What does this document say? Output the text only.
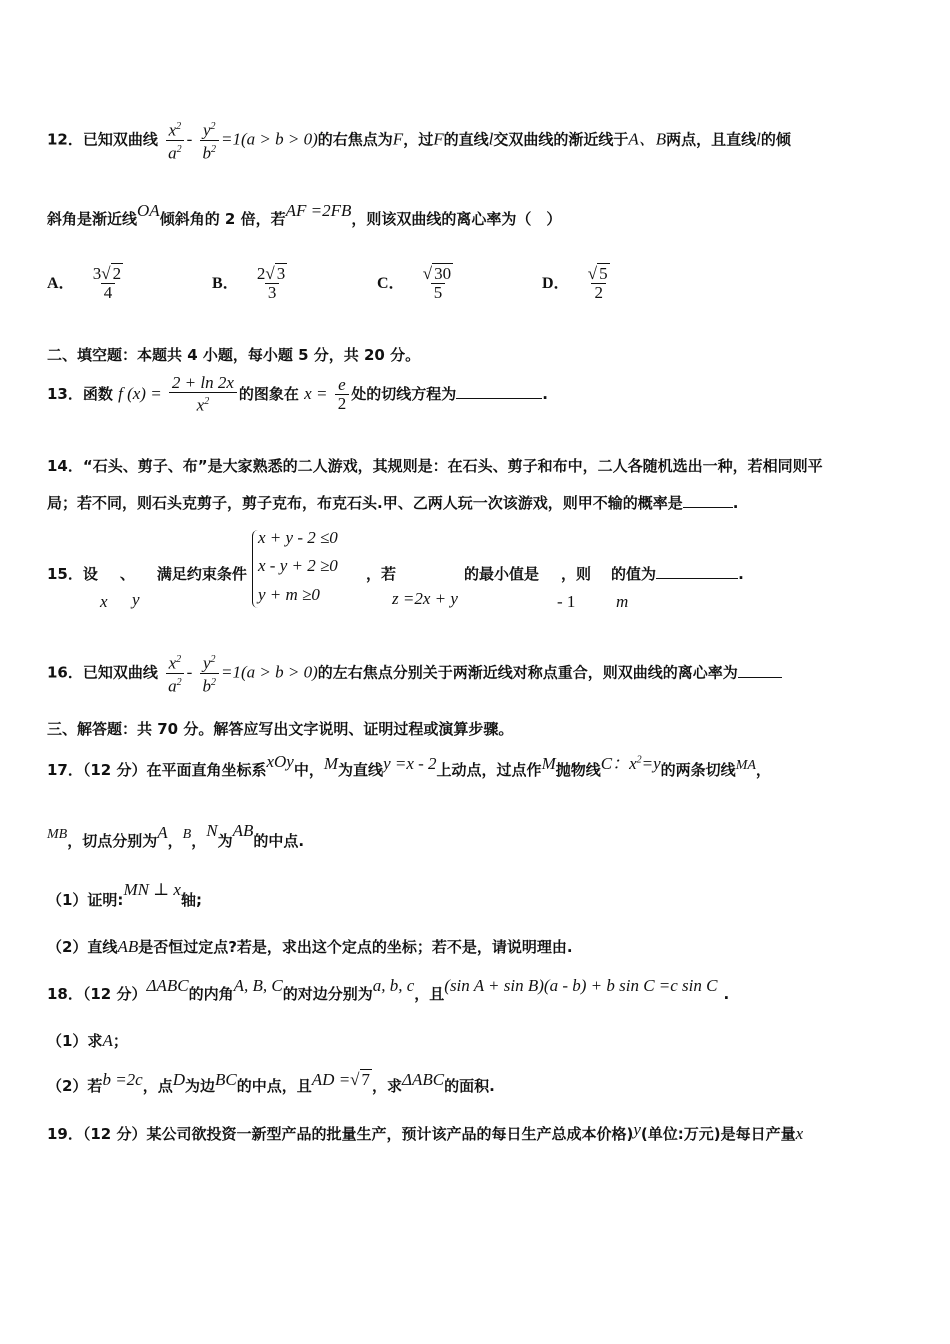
12．已知双曲线 $\frac{x^2}{a^2} - \frac{y^2}{b^2} =1(a > b > 0)$的右焦点为F，过F的直线l交双曲线的渐近线于A、B两点，且直线l的倾
斜角是渐近线OA倾斜角的 2 倍，若AF =2FB，则该双曲线的离心率为（　）
A． $\frac{3√ 2}{4}$	B． $\frac{2√ 3}{3}$	C． $\frac{√ 30}{5}$	D． $\frac{√ 5}{2}$
二、填空题：本题共 4 小题，每小题 5 分，共 20 分。
13．函数 f $(x) = \frac{2 + \ln 2x}{x^2}$ 的图象在 $x = \frac{e}{2}$ 处的切线方程为	.
14．“石头、剪子、布”是大家熟悉的二人游戏，其规则是：在石头、剪子和布中，二人各随机选出一种，若相同则平
局；若不同，则石头克剪子，剪子克布，布克石头.甲、乙两人玩一次该游戏，则甲不输的概率是	.
x + y - 2 ≤0
x - y + 2 ≥0
y + m ≥0
15．设 、 满足约束条件	，若	的最小值是 ，则 的值为	.
x y	z =2x + y	- 1 m
16．已知双曲线 $\frac{x^2}{a^2} - \frac{y^2}{b^2} =1(a > b > 0)$的左右焦点分别关于两渐近线对称点重合，则双曲线的离心率为
三、解答题：共 70 分。解答应写出文字说明、证明过程或演算步骤。
17．（12 分）在平面直角坐标系xOy中，M为直线y =x - 2上动点，过点作M抛物线C：$x^2=y$的两条切线MA，
MB，切点分别为A，B，N为AB的中点.
（1）证明:MN ⊥ x轴;
（2）直线AB是否恒过定点?若是，求出这个定点的坐标；若不是，请说明理由.
18．（12 分）ΔABC的内角A, B, C的对边分别为a, b, c，且(sin A + sin B)(a - b) + b sin C =c sin C .
（1）求A；
（2）若b =2c，点D为边BC的中点，且AD =√ 7 ，求ΔABC的面积.
19．（12 分）某公司欲投资一新型产品的批量生产，预计该产品的每日生产总成本价格)y(单位:万元)是每日产量x
